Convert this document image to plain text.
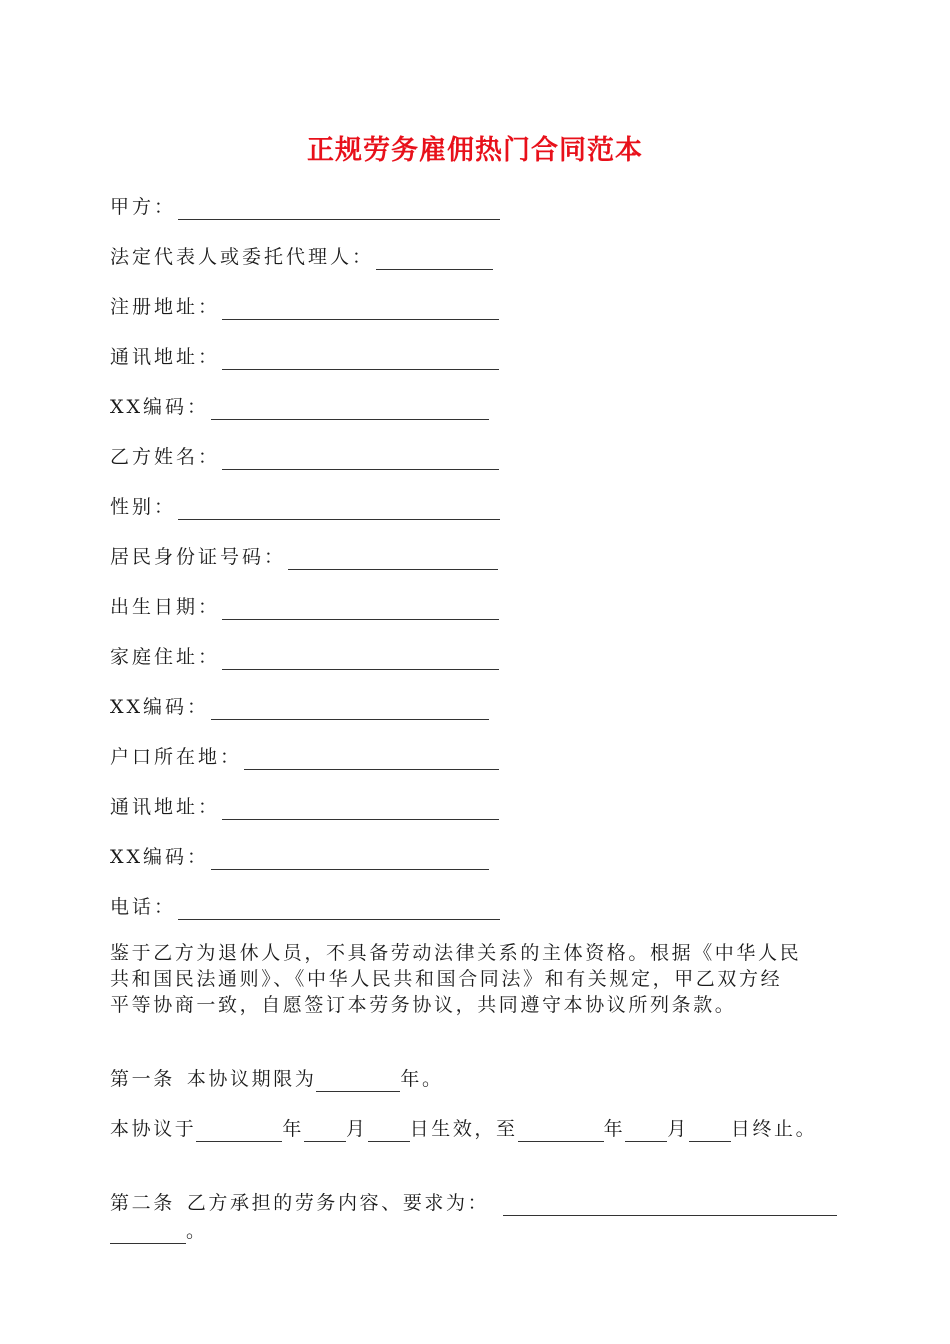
正规劳务雇佣热门合同范本
甲方：
法定代表人或委托代理人：
注册地址：
通讯地址：
XX编码：
乙方姓名：
性别：
居民身份证号码：
出生日期：
家庭住址：
XX编码：
户口所在地：
通讯地址：
XX编码：
电话：
鉴于乙方为退休人员，不具备劳动法律关系的主体资格。根据《中华人民
共和国民法通则》、《中华人民共和国合同法》和有关规定，甲乙双方经
平等协商一致，自愿签订本劳务协议，共同遵守本协议所列条款。
第一条 本协议期限为	年。
本协议于	年 月 日生效，至	年 月 日终止。
第二条 乙方承担的劳务内容、要求为：
。
